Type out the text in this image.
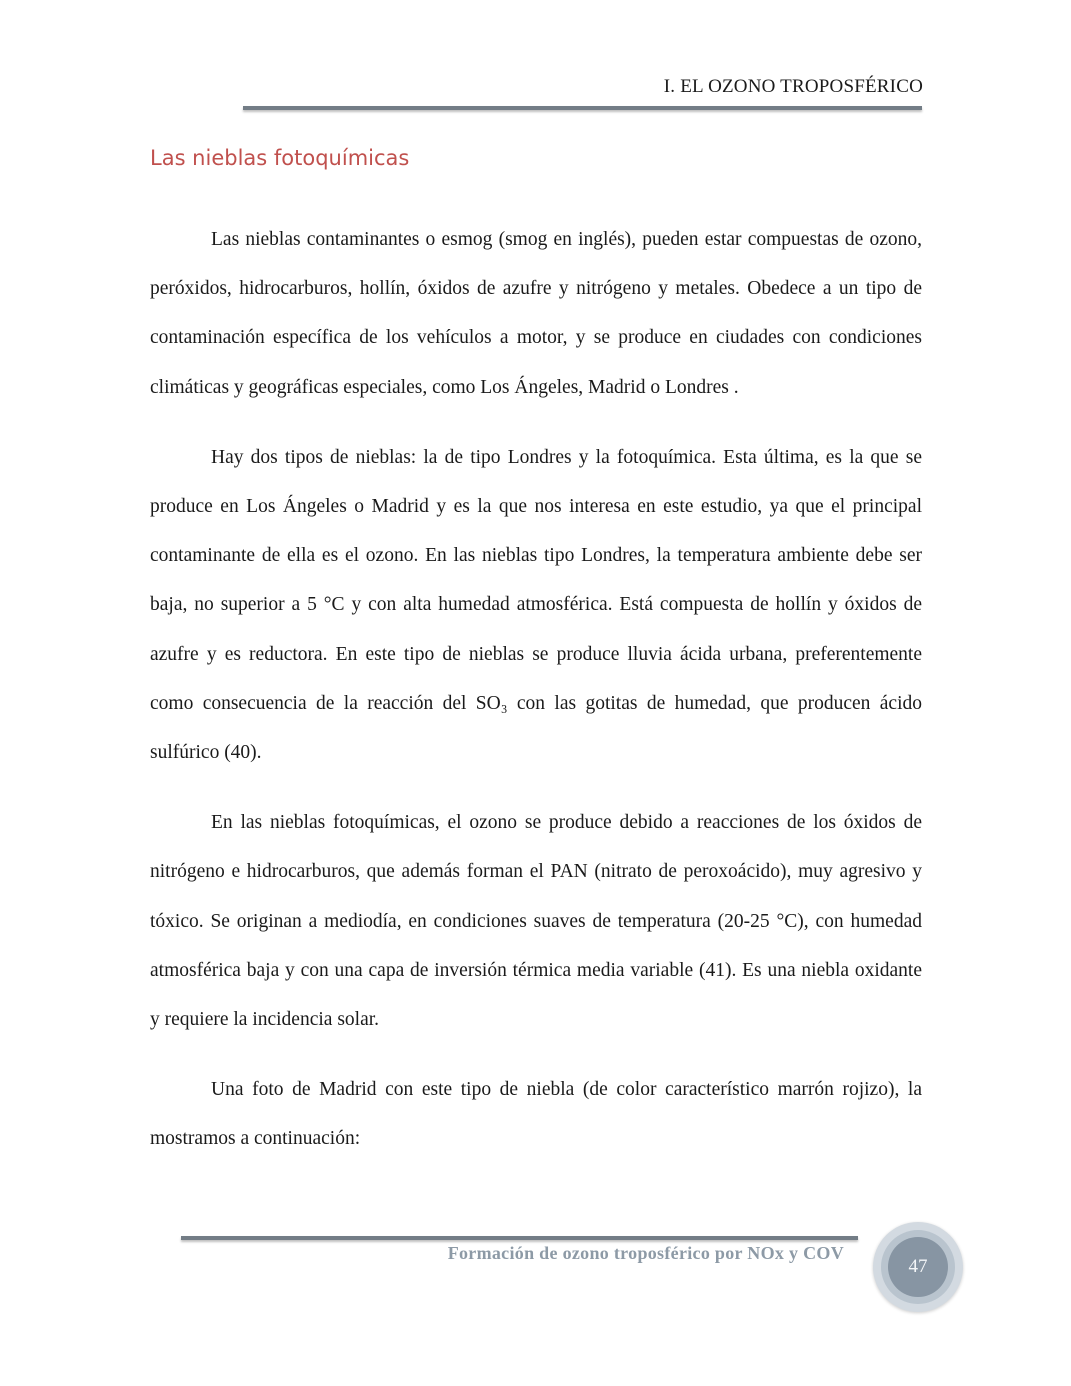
I. EL OZONO TROPOSFÉRICO
Las nieblas fotoquímicas

Las nieblas contaminantes o esmog (smog en inglés), pueden estar compuestas de ozono, peróxidos, hidrocarburos, hollín, óxidos de azufre y nitrógeno y metales. Obedece a un tipo de contaminación específica de los vehículos a motor, y se produce en ciudades con condiciones climáticas y geográficas especiales, como Los Ángeles, Madrid o Londres .

Hay dos tipos de nieblas: la de tipo Londres y la fotoquímica. Esta última, es la que se produce en Los Ángeles o Madrid y es la que nos interesa en este estudio, ya que el principal contaminante de ella es el ozono. En las nieblas tipo Londres, la temperatura ambiente debe ser baja, no superior a 5 °C y con alta humedad atmosférica. Está compuesta de hollín y óxidos de azufre y es reductora. En este tipo de nieblas se produce lluvia ácida urbana, preferentemente como consecuencia de la reacción del SO₃ con las gotitas de humedad, que producen ácido sulfúrico (40).

En las nieblas fotoquímicas, el ozono se produce debido a reacciones de los óxidos de nitrógeno e hidrocarburos, que además forman el PAN (nitrato de peroxoácido), muy agresivo y tóxico. Se originan a mediodía, en condiciones suaves de temperatura (20-25 °C), con humedad atmosférica baja y con una capa de inversión térmica media variable (41). Es una niebla oxidante y requiere la incidencia solar.

Una foto de Madrid con este tipo de niebla (de color característico marrón rojizo), la mostramos a continuación:

Formación de ozono troposférico por NOx y COV
47
